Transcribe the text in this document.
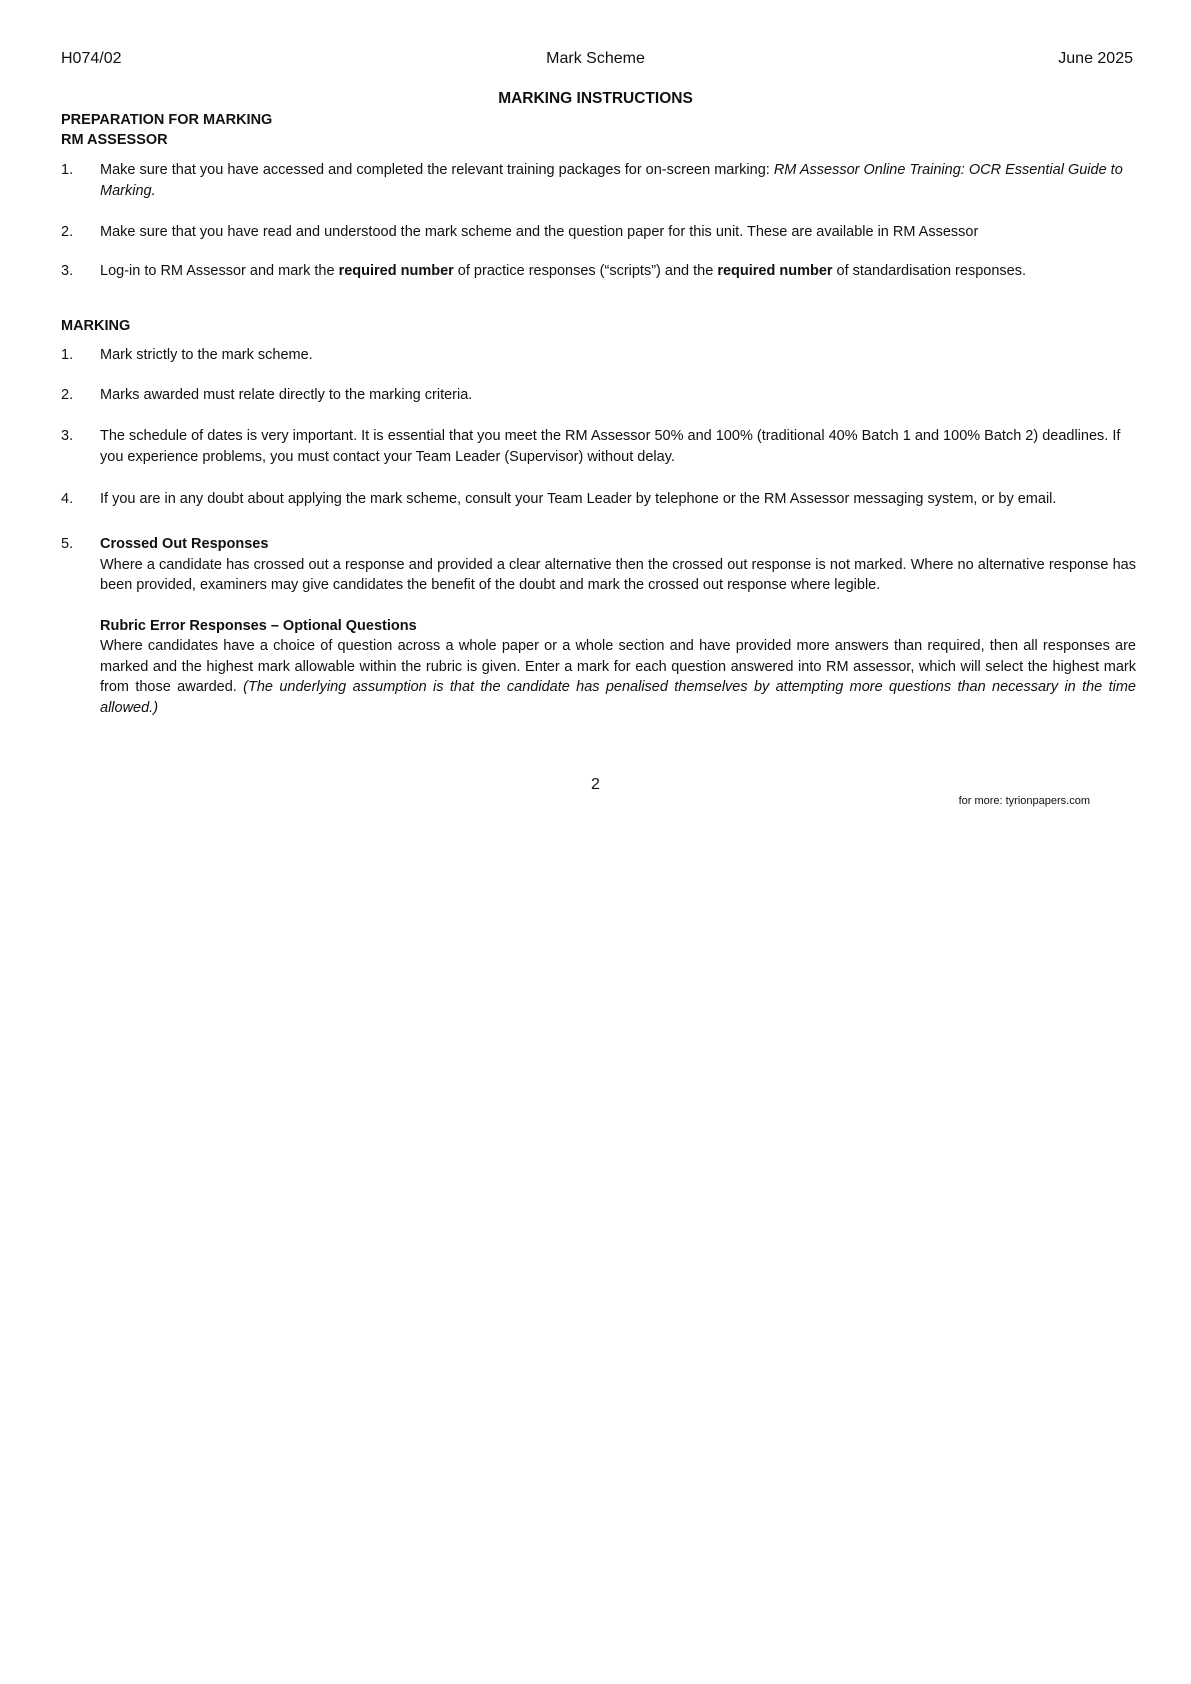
H074/02	Mark Scheme	June 2025
MARKING INSTRUCTIONS
PREPARATION FOR MARKING
RM ASSESSOR
1.	Make sure that you have accessed and completed the relevant training packages for on-screen marking: RM Assessor Online Training: OCR Essential Guide to Marking.
2.	Make sure that you have read and understood the mark scheme and the question paper for this unit. These are available in RM Assessor
3.	Log-in to RM Assessor and mark the required number of practice responses (“scripts”) and the required number of standardisation responses.
MARKING
1.	Mark strictly to the mark scheme.
2.	Marks awarded must relate directly to the marking criteria.
3.	The schedule of dates is very important. It is essential that you meet the RM Assessor 50% and 100% (traditional 40% Batch 1 and 100% Batch 2) deadlines. If you experience problems, you must contact your Team Leader (Supervisor) without delay.
4.	If you are in any doubt about applying the mark scheme, consult your Team Leader by telephone or the RM Assessor messaging system, or by email.
5.	Crossed Out Responses
Where a candidate has crossed out a response and provided a clear alternative then the crossed out response is not marked. Where no alternative response has been provided, examiners may give candidates the benefit of the doubt and mark the crossed out response where legible.
Rubric Error Responses – Optional Questions
Where candidates have a choice of question across a whole paper or a whole section and have provided more answers than required, then all responses are marked and the highest mark allowable within the rubric is given. Enter a mark for each question answered into RM assessor, which will select the highest mark from those awarded. (The underlying assumption is that the candidate has penalised themselves by attempting more questions than necessary in the time allowed.)
2
for more: tyrionpapers.com
